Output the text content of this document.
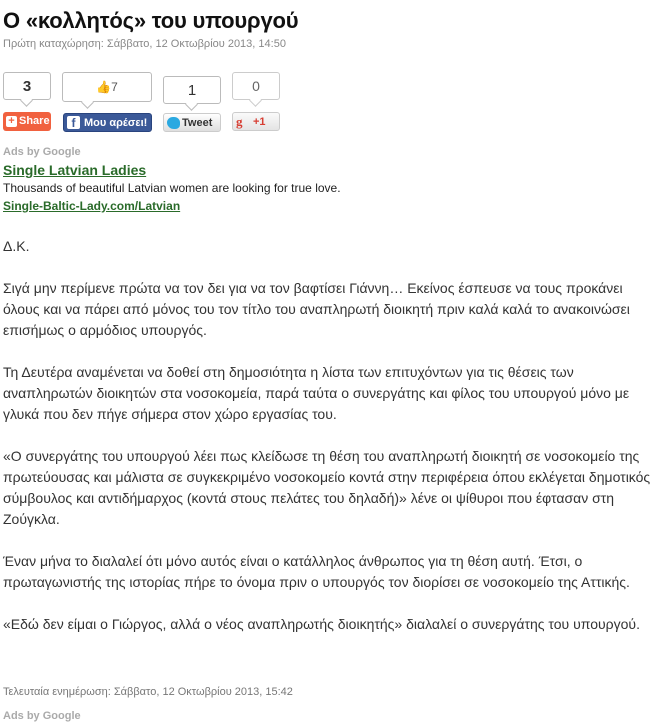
Ο «κολλητός» του υπουργού
Πρώτη καταχώρηση: Σάββατο, 12 Οκτωβρίου 2013, 14:50
3
+ Share
👍7
f Μου αρέσει!
1
Tweet
0
g +1
Ads by Google
Single Latvian Ladies
Thousands of beautiful Latvian women are looking for true love.
Single-Baltic-Lady.com/Latvian

Δ.Κ.

Σιγά μην περίμενε πρώτα να τον δει για να τον βαφτίσει Γιάννη… Εκείνος έσπευσε να τους προκάνει όλους και να πάρει από μόνος του τον τίτλο του αναπληρωτή διοικητή πριν καλά καλά το ανακοινώσει επισήμως ο αρμόδιος υπουργός.

Τη Δευτέρα αναμένεται να δοθεί στη δημοσιότητα η λίστα των επιτυχόντων για τις θέσεις των αναπληρωτών διοικητών στα νοσοκομεία, παρά ταύτα ο συνεργάτης και φίλος του υπουργού μόνο με γλυκά που δεν πήγε σήμερα στον χώρο εργασίας του.

«Ο συνεργάτης του υπουργού λέει πως κλείδωσε τη θέση του αναπληρωτή διοικητή σε νοσοκομείο της πρωτεύουσας και μάλιστα σε συγκεκριμένο νοσοκομείο κοντά στην περιφέρεια όπου εκλέγεται δημοτικός σύμβουλος και αντιδήμαρχος (κοντά στους πελάτες του δηλαδή)» λένε οι ψίθυροι που έφτασαν στη Ζούγκλα.

Έναν μήνα το διαλαλεί ότι μόνο αυτός είναι ο κατάλληλος άνθρωπος για τη θέση αυτή. Έτσι, ο πρωταγωνιστής της ιστορίας πήρε το όνομα πριν ο υπουργός τον διορίσει σε νοσοκομείο της Αττικής.

«Εδώ δεν είμαι ο Γιώργος, αλλά ο νέος αναπληρωτής διοικητής» διαλαλεί ο συνεργάτης του υπουργού.

Τελευταία ενημέρωση: Σάββατο, 12 Οκτωβρίου 2013, 15:42
Ads by Google
